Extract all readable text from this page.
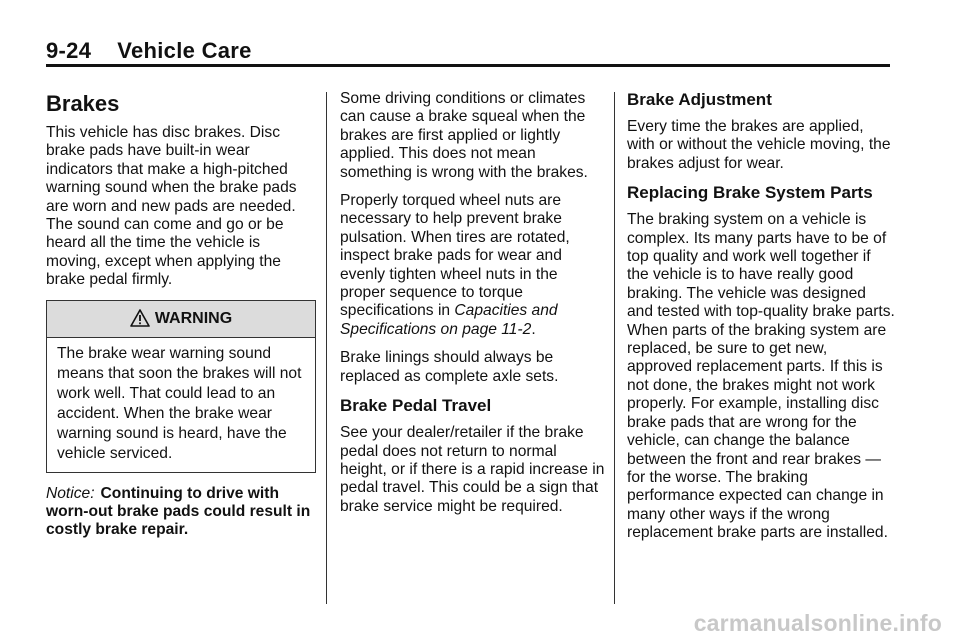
9-24 Vehicle Care
Brakes

This vehicle has disc brakes. Disc brake pads have built-in wear indicators that make a high-pitched warning sound when the brake pads are worn and new pads are needed. The sound can come and go or be heard all the time the vehicle is moving, except when applying the brake pedal firmly.

WARNING

The brake wear warning sound means that soon the brakes will not work well. That could lead to an accident. When the brake wear warning sound is heard, have the vehicle serviced.

Notice: Continuing to drive with worn-out brake pads could result in costly brake repair.

Some driving conditions or climates can cause a brake squeal when the brakes are first applied or lightly applied. This does not mean something is wrong with the brakes.

Properly torqued wheel nuts are necessary to help prevent brake pulsation. When tires are rotated, inspect brake pads for wear and evenly tighten wheel nuts in the proper sequence to torque specifications in Capacities and Specifications on page 11-2.

Brake linings should always be replaced as complete axle sets.

Brake Pedal Travel

See your dealer/retailer if the brake pedal does not return to normal height, or if there is a rapid increase in pedal travel. This could be a sign that brake service might be required.

Brake Adjustment

Every time the brakes are applied, with or without the vehicle moving, the brakes adjust for wear.

Replacing Brake System Parts

The braking system on a vehicle is complex. Its many parts have to be of top quality and work well together if the vehicle is to have really good braking. The vehicle was designed and tested with top-quality brake parts. When parts of the braking system are replaced, be sure to get new, approved replacement parts. If this is not done, the brakes might not work properly. For example, installing disc brake pads that are wrong for the vehicle, can change the balance between the front and rear brakes — for the worse. The braking performance expected can change in many other ways if the wrong replacement brake parts are installed.

carmanualsonline.info
